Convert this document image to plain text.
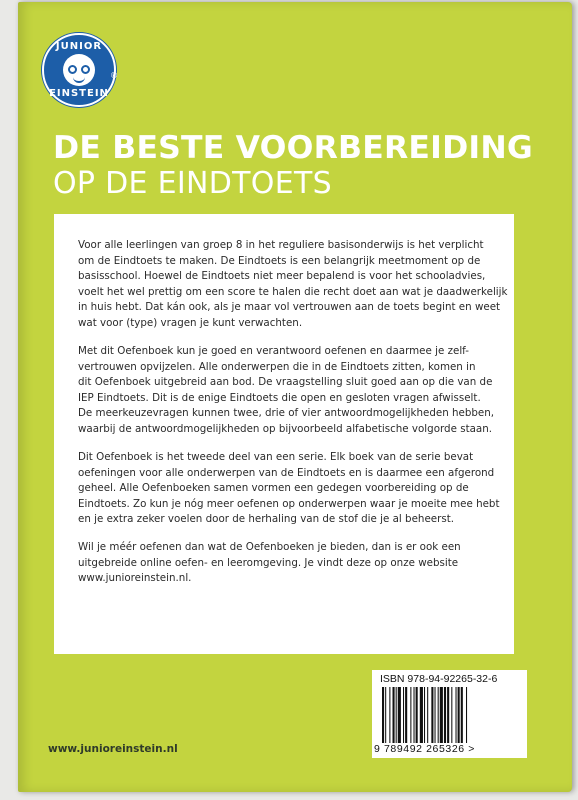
JUNIOR
EINSTEIN
®
DE BESTE VOORBEREIDING
OP DE EINDTOETS
Voor alle leerlingen van groep 8 in het reguliere basisonderwijs is het verplicht
om de Eindtoets te maken. De Eindtoets is een belangrijk meetmoment op de
basisschool. Hoewel de Eindtoets niet meer bepalend is voor het schooladvies,
voelt het wel prettig om een score te halen die recht doet aan wat je daadwerkelijk
in huis hebt. Dat kán ook, als je maar vol vertrouwen aan de toets begint en weet
wat voor (type) vragen je kunt verwachten.
Met dit Oefenboek kun je goed en verantwoord oefenen en daarmee je zelf-
vertrouwen opvijzelen. Alle onderwerpen die in de Eindtoets zitten, komen in
dit Oefenboek uitgebreid aan bod. De vraagstelling sluit goed aan op die van de
IEP Eindtoets. Dit is de enige Eindtoets die open en gesloten vragen afwisselt.
De meerkeuzevragen kunnen twee, drie of vier antwoordmogelijkheden hebben,
waarbij de antwoordmogelijkheden op bijvoorbeeld alfabetische volgorde staan.
Dit Oefenboek is het tweede deel van een serie. Elk boek van de serie bevat
oefeningen voor alle onderwerpen van de Eindtoets en is daarmee een afgerond
geheel. Alle Oefenboeken samen vormen een gedegen voorbereiding op de
Eindtoets. Zo kun je nóg meer oefenen op onderwerpen waar je moeite mee hebt
en je extra zeker voelen door de herhaling van de stof die je al beheerst.
Wil je méér oefenen dan wat de Oefenboeken je bieden, dan is er ook een
uitgebreide online oefen- en leeromgeving. Je vindt deze op onze website
www.junioreinstein.nl.
ISBN 978-94-92265-32-6
9 789492 265326 >
www.junioreinstein.nl
